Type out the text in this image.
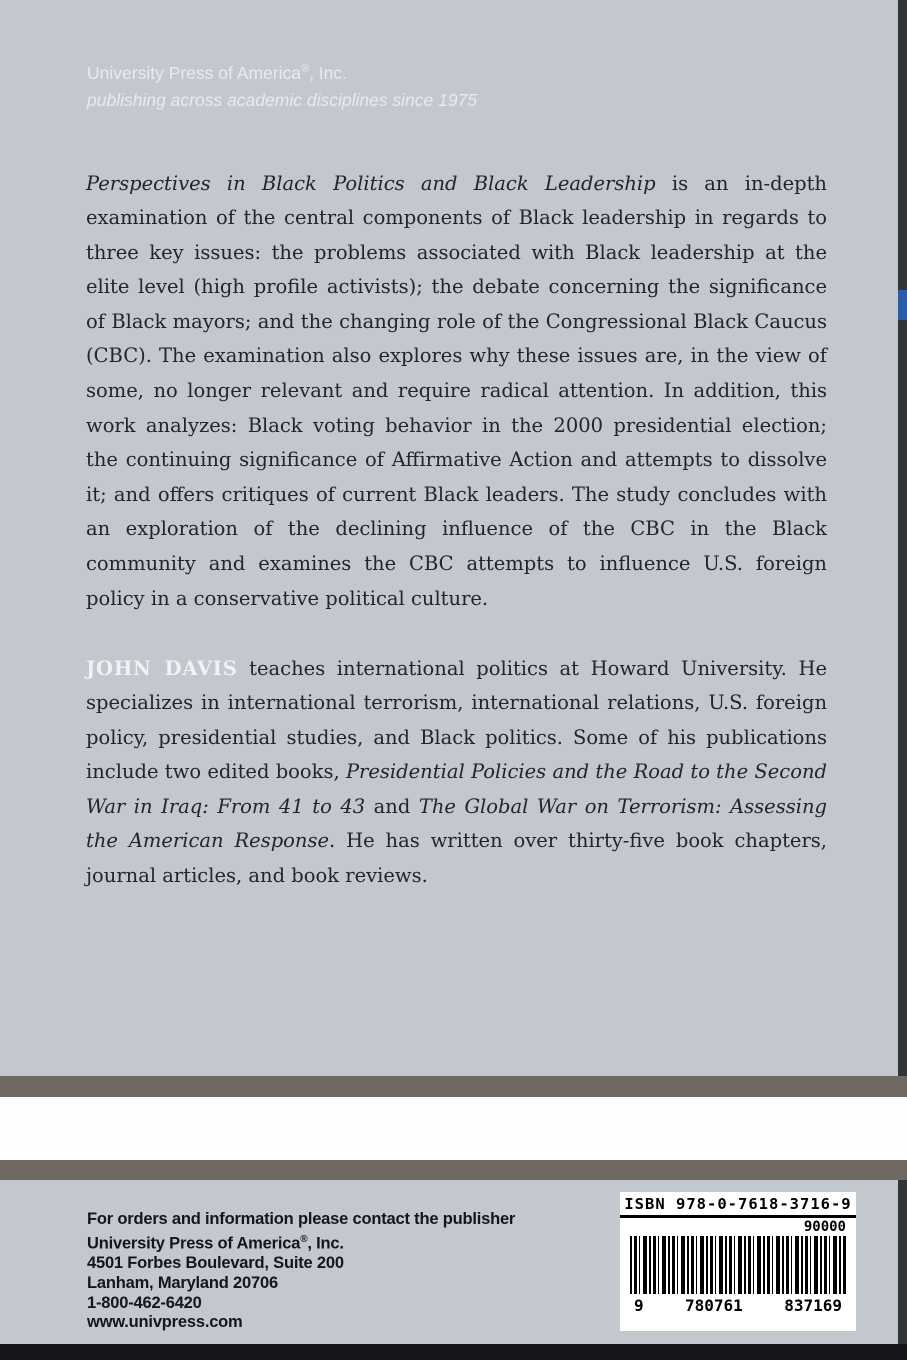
University Press of America®, Inc.
publishing across academic disciplines since 1975

Perspectives in Black Politics and Black Leadership is an in-depth examination of the central components of Black leadership in regards to three key issues: the problems associated with Black leadership at the elite level (high profile activists); the debate concerning the significance of Black mayors; and the changing role of the Congressional Black Caucus (CBC). The examination also explores why these issues are, in the view of some, no longer relevant and require radical attention. In addition, this work analyzes: Black voting behavior in the 2000 presidential election; the continuing significance of Affirmative Action and attempts to dissolve it; and offers critiques of current Black leaders. The study concludes with an exploration of the declining influence of the CBC in the Black community and examines the CBC attempts to influence U.S. foreign policy in a conservative political culture.

JOHN DAVIS teaches international politics at Howard University. He specializes in international terrorism, international relations, U.S. foreign policy, presidential studies, and Black politics. Some of his publications include two edited books, Presidential Policies and the Road to the Second War in Iraq: From 41 to 43 and The Global War on Terrorism: Assessing the American Response. He has written over thirty-five book chapters, journal articles, and book reviews.

For orders and information please contact the publisher
University Press of America®, Inc.
4501 Forbes Boulevard, Suite 200
Lanham, Maryland 20706
1-800-462-6420
www.univpress.com
ISBN 978-0-7618-3716-9
90000
9	780761	837169
